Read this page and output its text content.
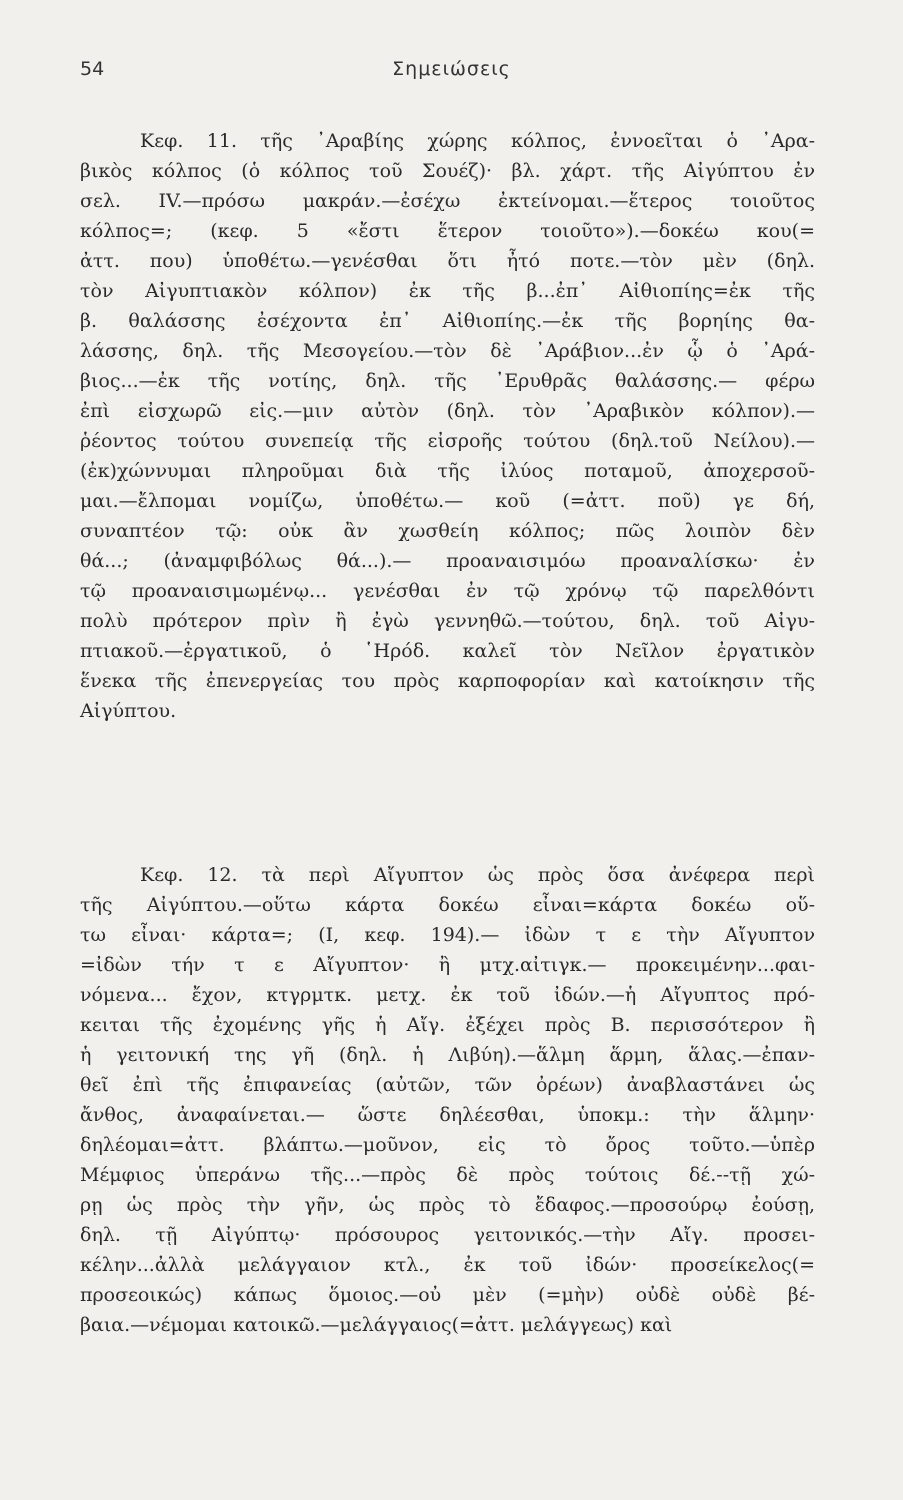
54	Σημειώσεις
Κεφ. 11. τῆς ᾿Αραβίης χώρης κόλπος, ἐννοεῖται ὁ ᾿Αρα-
βικὸς κόλπος (ὁ κόλπος τοῦ Σουέζ)· βλ. χάρτ. τῆς Αἰγύπτου ἐν
σελ. IV.—πρόσω μακράν.—ἐσέχω ἐκτείνομαι.—ἕτερος τοιοῦτος
κόλπος=; (κεφ. 5 «ἔστι ἕτερον τοιοῦτο»).—δοκέω κου(=
ἀττ. που) ὑποθέτω.—γενέσθαι ὅτι ἦτό ποτε.—τὸν μὲν (δηλ.
τὸν Αἰγυπτιακὸν κόλπον) ἐκ τῆς β...ἐπ᾿ Αἰθιοπίης=ἐκ τῆς
β. θαλάσσης ἐσέχοντα ἐπ᾿ Αἰθιοπίης.—ἐκ τῆς βορηίης θα-
λάσσης, δηλ. τῆς Μεσογείου.—τὸν δὲ ᾿Αράβιον...ἐν ᾧ ὁ ᾿Αρά-
βιος...—ἐκ τῆς νοτίης, δηλ. τῆς ᾿Ερυθρᾶς θαλάσσης.— φέρω
ἐπὶ εἰσχωρῶ εἰς.—μιν αὐτὸν (δηλ. τὸν ᾿Αραβικὸν κόλπον).—
ῥέοντος τούτου συνεπείᾳ τῆς εἰσροῆς τούτου (δηλ.τοῦ Νείλου).—
(ἐκ)χώννυμαι πληροῦμαι διὰ τῆς ἰλύος ποταμοῦ, ἀποχερσοῦ-
μαι.—ἔλπομαι νομίζω, ὑποθέτω.— κοῦ (=ἀττ. ποῦ) γε δή,
συναπτέον τῷ: οὐκ ἂν χωσθείη κόλπος; πῶς λοιπὸν δὲν
θά...; (ἀναμφιβόλως θά...).— προαναισιμόω προαναλίσκω· ἐν
τῷ προαναισιμωμένῳ... γενέσθαι ἐν τῷ χρόνῳ τῷ παρελθόντι
πολὺ πρότερον πρὶν ἢ ἐγὼ γεννηθῶ.—τούτου, δηλ. τοῦ Αἰγυ-
πτιακοῦ.—ἐργατικοῦ, ὁ ῾Ηρόδ. καλεῖ τὸν Νεῖλον ἐργατικὸν
ἕνεκα τῆς ἐπενεργείας του πρὸς καρποφορίαν καὶ κατοίκησιν τῆς
Αἰγύπτου.
Κεφ. 12. τὰ περὶ Αἴγυπτον ὡς πρὸς ὅσα ἀνέφερα περὶ
τῆς Αἰγύπτου.—οὕτω κάρτα δοκέω εἶναι=κάρτα δοκέω οὕ-
τω εἶναι· κάρτα=; (I, κεφ. 194).— ἰδὼν τ ε τὴν Αἴγυπτον
=ἰδὼν τήν τ ε Αἴγυπτον· ἢ μτχ.αἰτιγκ.— προκειμένην...φαι-
νόμενα... ἔχον, κτγρμτκ. μετχ. ἐκ τοῦ ἰδών.—ἡ Αἴγυπτος πρό-
κειται τῆς ἐχομένης γῆς ἡ Αἴγ. ἐξέχει πρὸς Β. περισσότερον ἢ
ἡ γειτονική της γῆ (δηλ. ἡ Λιβύη).—ἅλμη ἅρμη, ἅλας.—ἐπαν-
θεῖ ἐπὶ τῆς ἐπιφανείας (αὐτῶν, τῶν ὀρέων) ἀναβλαστάνει ὡς
ἄνθος, ἀναφαίνεται.— ὥστε δηλέεσθαι, ὑποκμ.: τὴν ἅλμην·
δηλέομαι=ἀττ. βλάπτω.—μοῦνον, εἰς τὸ ὄρος τοῦτο.—ὑπὲρ
Μέμφιος ὑπεράνω τῆς...—πρὸς δὲ πρὸς τούτοις δέ.--τῇ χώ-
ρῃ ὡς πρὸς τὴν γῆν, ὡς πρὸς τὸ ἔδαφος.—προσούρῳ ἐούσῃ,
δηλ. τῇ Αἰγύπτῳ· πρόσουρος γειτονικός.—τὴν Αἴγ. προσει-
κέλην...ἀλλὰ μελάγγαιον κτλ., ἐκ τοῦ ἰδών· προσείκελος(=
προσεοικώς) κάπως ὅμοιος.—οὐ μὲν (=μὴν) οὐδὲ οὐδὲ βέ-
βαια.—νέμομαι κατοικῶ.—μελάγγαιος(=ἀττ. μελάγγεως) καὶ
